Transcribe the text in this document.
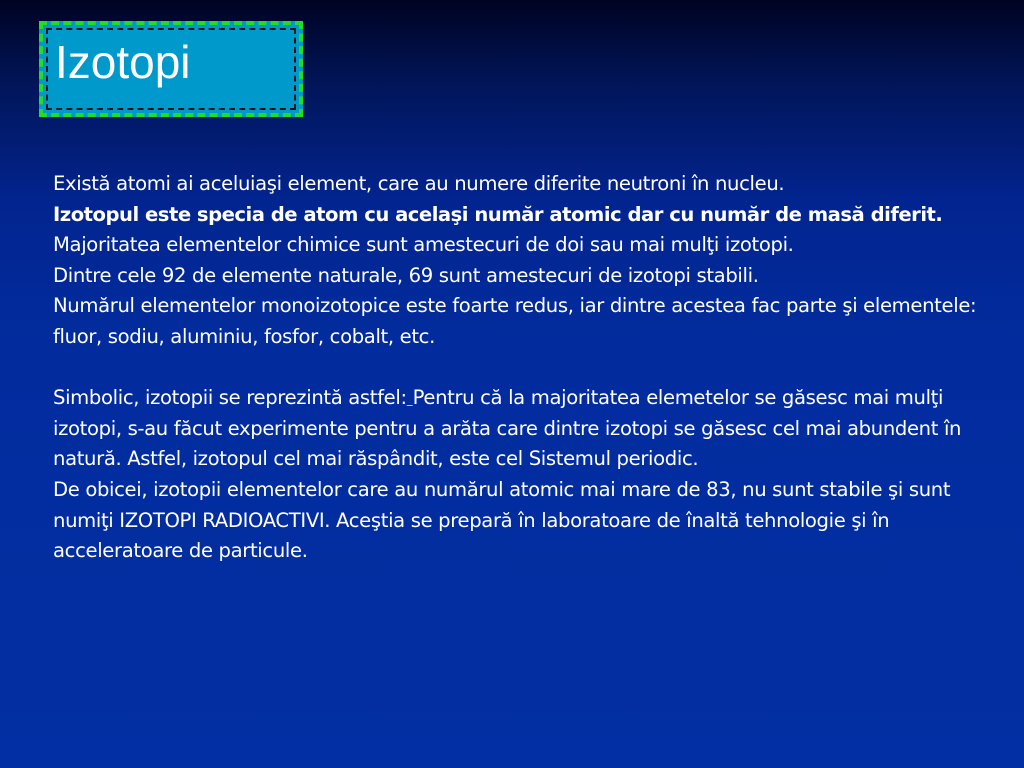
Izotopi

Există atomi ai aceluiaşi element, care au numere diferite neutroni în nucleu.

Izotopul este specia de atom cu acelaşi număr atomic dar cu număr de masă diferit.

Majoritatea elementelor chimice sunt amestecuri de doi sau mai mulţi izotopi.

Dintre cele 92 de elemente naturale, 69 sunt amestecuri de izotopi stabili.

Numărul elementelor monoizotopice este foarte redus, iar dintre acestea fac parte şi elementele: fluor, sodiu, aluminiu, fosfor, cobalt, etc.

Simbolic, izotopii se reprezintă astfel: Pentru că la majoritatea elemetelor se găsesc mai mulţi izotopi, s-au făcut experimente pentru a arăta care dintre izotopi se găsesc cel mai abundent în natură. Astfel, izotopul cel mai răspândit, este cel Sistemul periodic.

De obicei, izotopii elementelor care au numărul atomic mai mare de 83, nu sunt stabile şi sunt numiţi IZOTOPI RADIOACTIVI. Aceştia se prepară în laboratoare de înaltă tehnologie şi în acceleratoare de particule.
